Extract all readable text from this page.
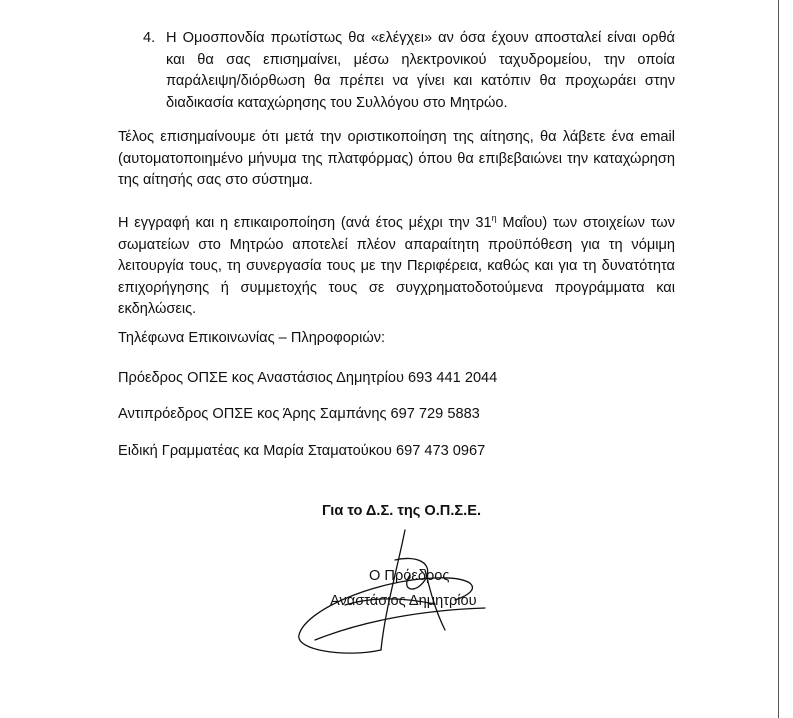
4. Η Ομοσπονδία πρωτίστως θα «ελέγχει» αν όσα έχουν αποσταλεί είναι ορθά και θα σας επισημαίνει, μέσω ηλεκτρονικού ταχυδρομείου, την οποία παράλειψη/διόρθωση θα πρέπει να γίνει και κατόπιν θα προχωράει στην διαδικασία καταχώρησης του Συλλόγου στο Μητρώο.

Τέλος επισημαίνουμε ότι μετά την οριστικοποίηση της αίτησης, θα λάβετε ένα email (αυτοματοποιημένο μήνυμα της πλατφόρμας) όπου θα επιβεβαιώνει την καταχώρηση της αίτησής σας στο σύστημα.

Η εγγραφή και η επικαιροποίηση (ανά έτος μέχρι την $31^\eta$ Μαΐου) των στοιχείων των σωματείων στο Μητρώο αποτελεί πλέον απαραίτητη προϋπόθεση για τη νόμιμη λειτουργία τους, τη συνεργασία τους με την Περιφέρεια, καθώς και για τη δυνατότητα επιχορήγησης ή συμμετοχής τους σε συγχρηματοδοτούμενα προγράμματα και εκδηλώσεις.

Τηλέφωνα Επικοινωνίας – Πληροφοριών:
Πρόεδρος ΟΠΣΕ κος Αναστάσιος Δημητρίου 693 441 2044
Αντιπρόεδρος ΟΠΣΕ κος Άρης Σαμπάνης 697 729 5883
Ειδική Γραμματέας κα Μαρία Σταματούκου 697 473 0967
Για το Δ.Σ. της Ο.Π.Σ.Ε.
Ο Πρόεδρος
Αναστάσιος Δημητρίου
